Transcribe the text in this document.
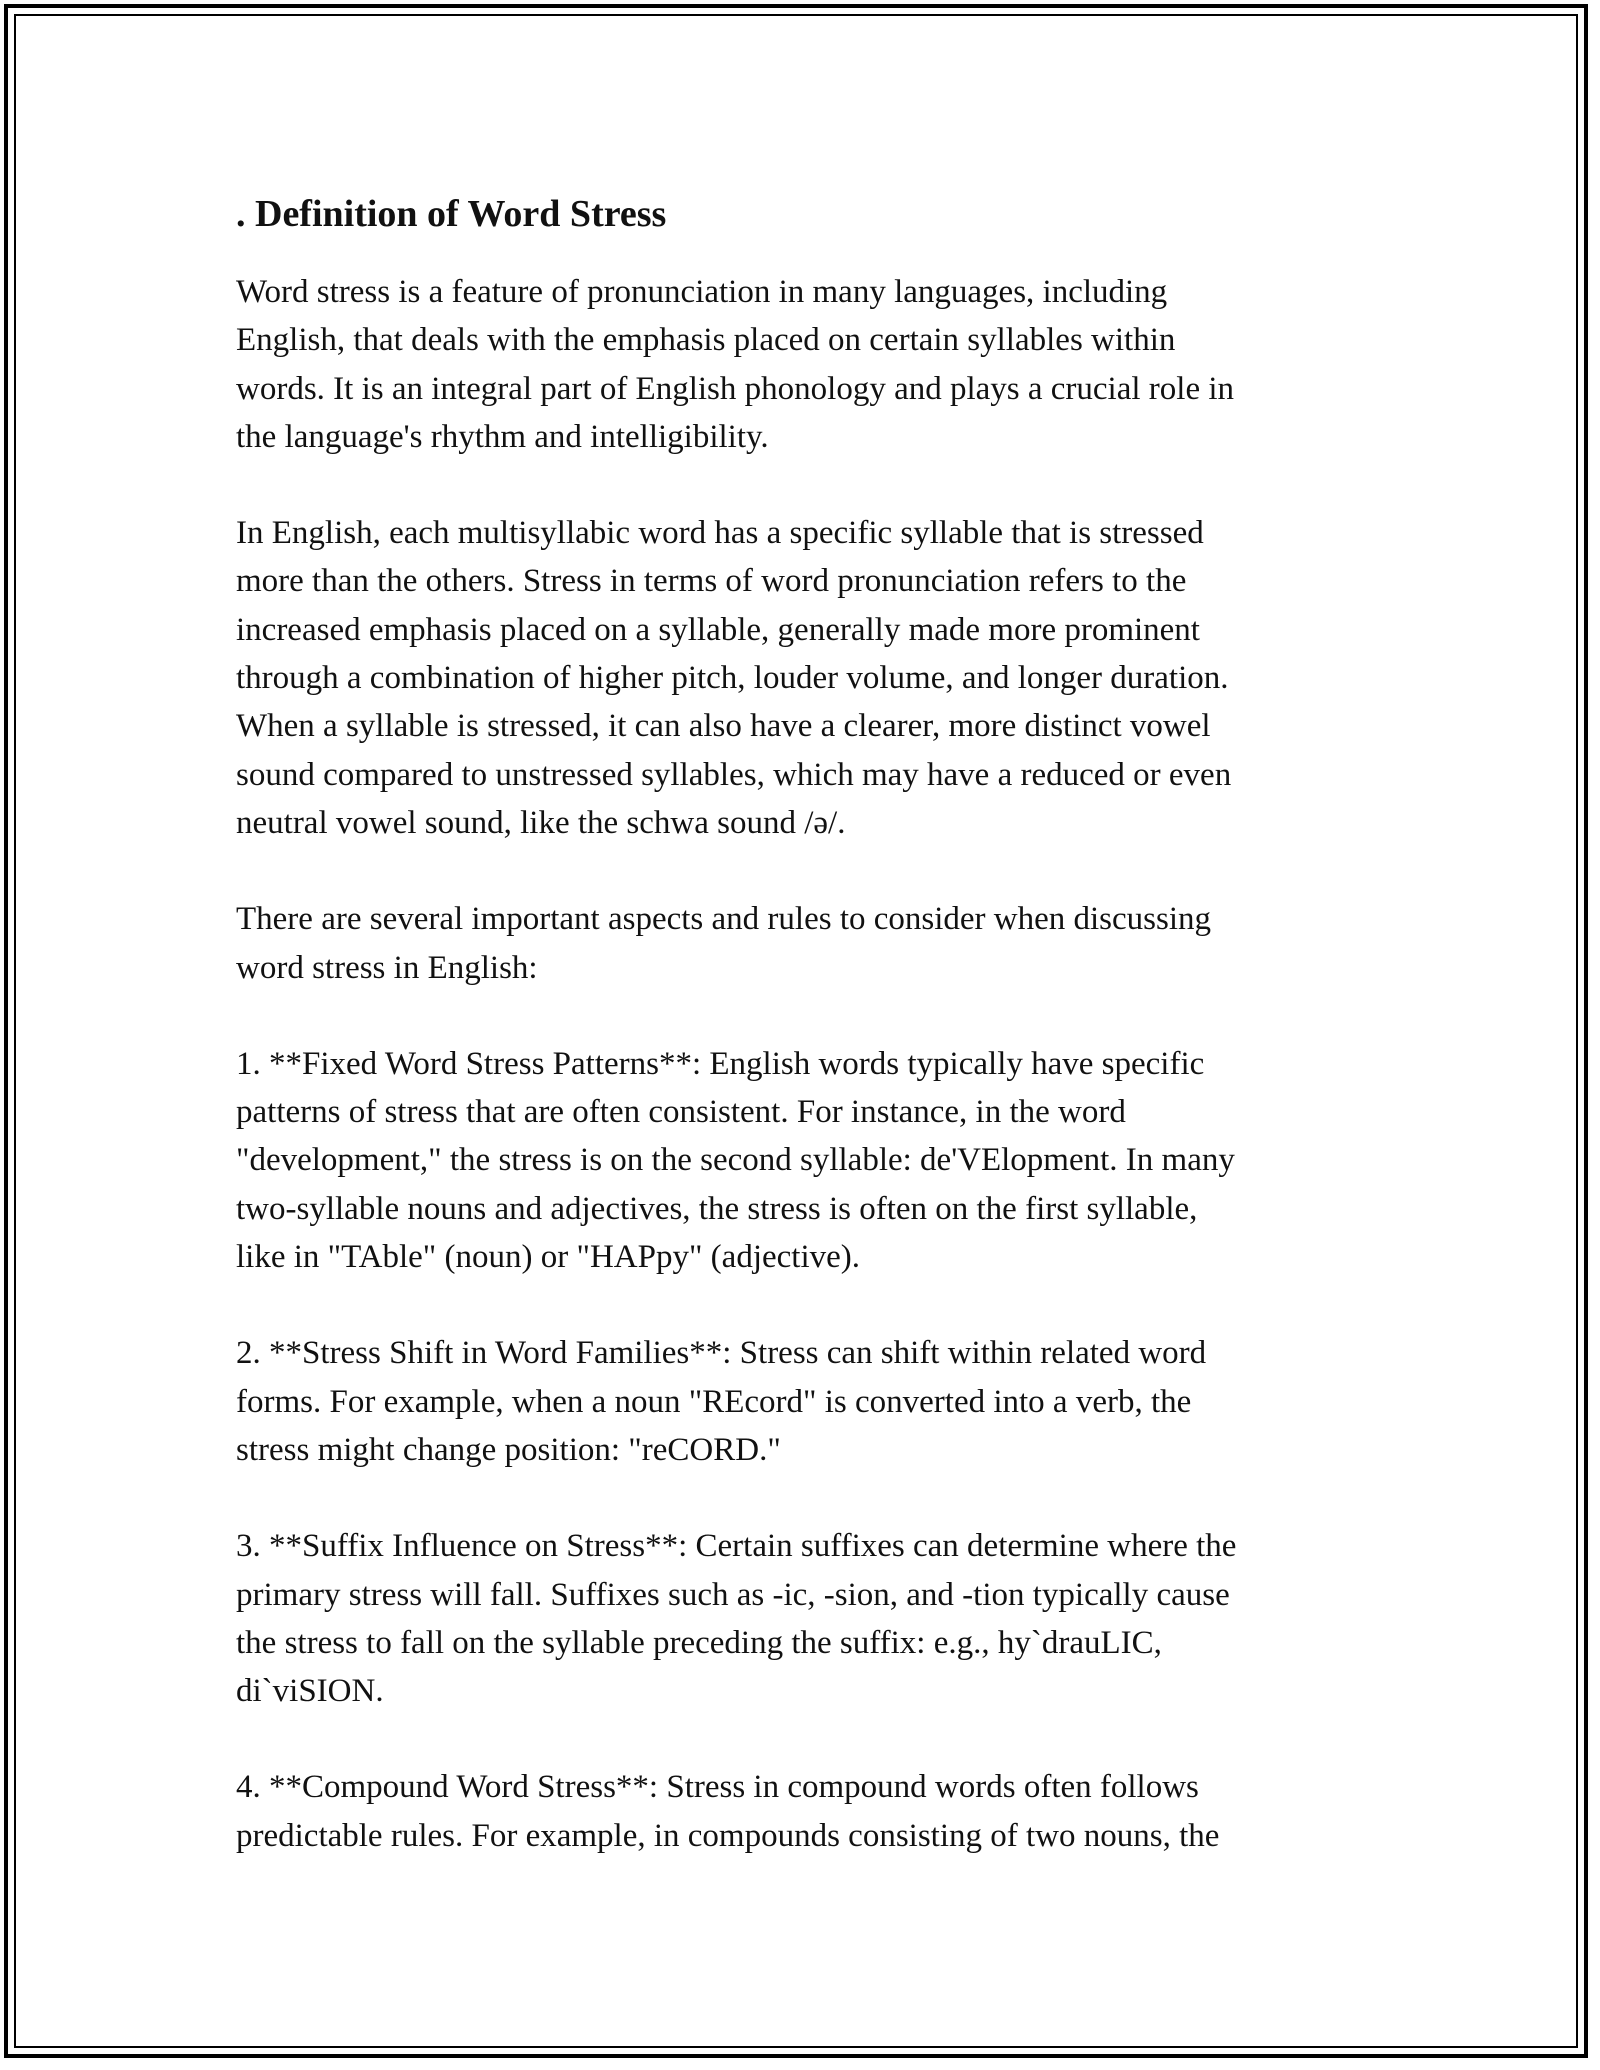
. Definition of Word Stress

Word stress is a feature of pronunciation in many languages, including
English, that deals with the emphasis placed on certain syllables within
words. It is an integral part of English phonology and plays a crucial role in
the language's rhythm and intelligibility.

In English, each multisyllabic word has a specific syllable that is stressed
more than the others. Stress in terms of word pronunciation refers to the
increased emphasis placed on a syllable, generally made more prominent
through a combination of higher pitch, louder volume, and longer duration.
When a syllable is stressed, it can also have a clearer, more distinct vowel
sound compared to unstressed syllables, which may have a reduced or even
neutral vowel sound, like the schwa sound /ə/.

There are several important aspects and rules to consider when discussing
word stress in English:

1. **Fixed Word Stress Patterns**: English words typically have specific
patterns of stress that are often consistent. For instance, in the word
"development," the stress is on the second syllable: de'VElopment. In many
two-syllable nouns and adjectives, the stress is often on the first syllable,
like in "TAble" (noun) or "HAPpy" (adjective).

2. **Stress Shift in Word Families**: Stress can shift within related word
forms. For example, when a noun "REcord" is converted into a verb, the
stress might change position: "reCORD."

3. **Suffix Influence on Stress**: Certain suffixes can determine where the
primary stress will fall. Suffixes such as -ic, -sion, and -tion typically cause
the stress to fall on the syllable preceding the suffix: e.g., hy`drauLIC,
di`viSION.

4. **Compound Word Stress**: Stress in compound words often follows
predictable rules. For example, in compounds consisting of two nouns, the
